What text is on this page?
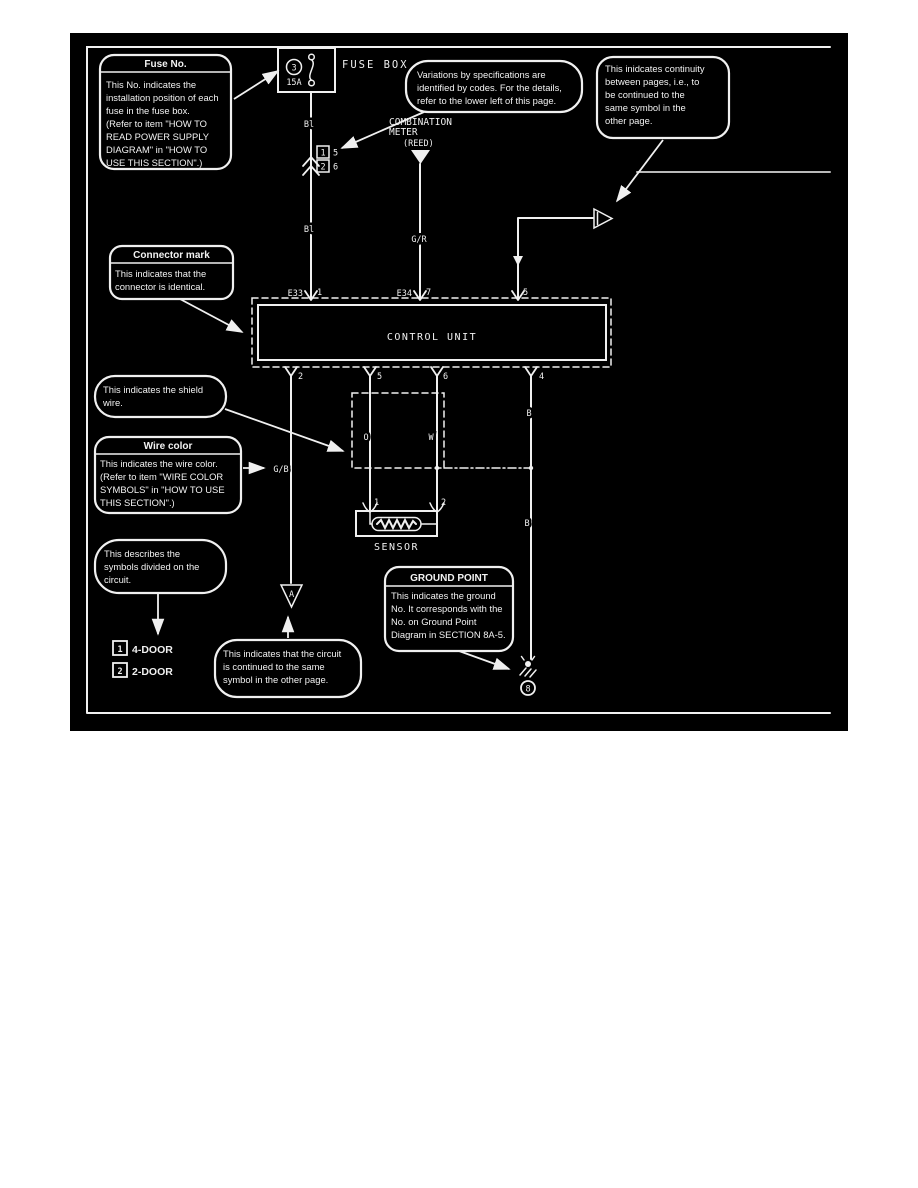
3
15A
FUSE BOX
1 5
2 6
Bl
Bl
G/R
G/B
O	W
B
B
COMBINATION
METER
(REED)
CONTROL UNIT
E33 1	E34 7	5
2	5	6	4
1	2
SENSOR
A
8
1 4-DOOR
2 2-DOOR
Fuse No.
This No. indicates the
installation position of each
fuse in the fuse box.
(Refer to item "HOW TO
READ POWER SUPPLY
DIAGRAM" in "HOW TO
USE THIS SECTION".)
Variations by specifications are
identified by codes. For the details,
refer to the lower left of this page.
This inidcates continuity
between pages, i.e., to
be continued to the
same symbol in the
other page.
Connector mark
This indicates that the
connector is identical.
This indicates the shield
wire.
Wire color
This indicates the wire color.
(Refer to item "WIRE COLOR
SYMBOLS" in "HOW TO USE
THIS SECTION".)
This describes the
symbols divided on the
circuit.
This indicates that the circuit
is continued to the same
symbol in the other page.
GROUND POINT
This indicates the ground
No. It corresponds with the
No. on Ground Point
Diagram in SECTION 8A-5.
